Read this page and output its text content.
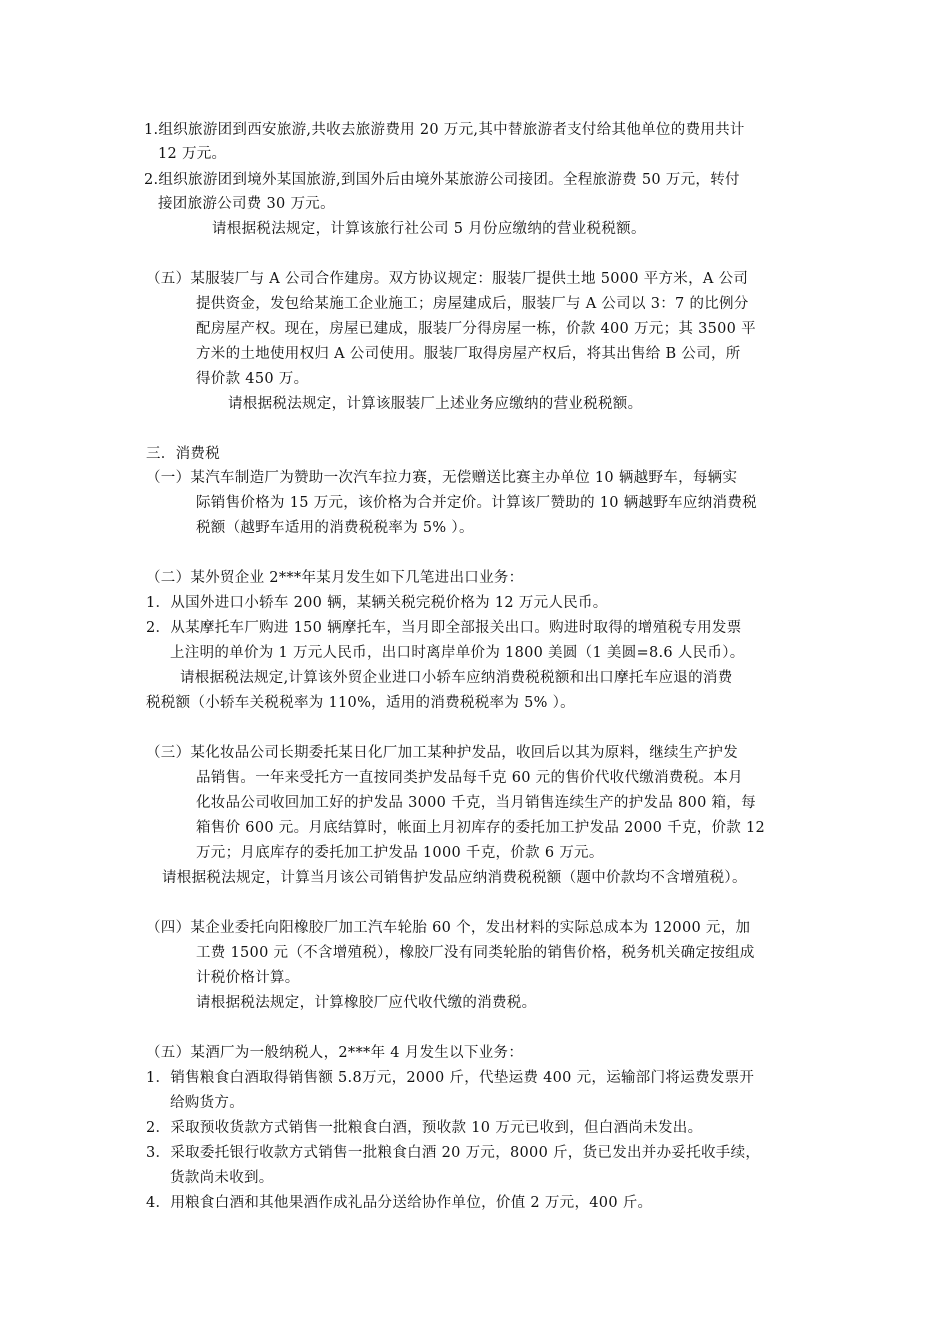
1.组织旅游团到西安旅游,共收去旅游费用 20 万元,其中替旅游者支付给其他单位的费用共计
12 万元。
2.组织旅游团到境外某国旅游,到国外后由境外某旅游公司接团。全程旅游费 50 万元，转付
接团旅游公司费 30 万元。
请根据税法规定，计算该旅行社公司 5 月份应缴纳的营业税税额。
（五）某服装厂与 A 公司合作建房。双方协议规定：服装厂提供土地 5000 平方米，A 公司
提供资金，发包给某施工企业施工；房屋建成后，服装厂与 A 公司以 3：7 的比例分
配房屋产权。现在，房屋已建成，服装厂分得房屋一栋，价款 400 万元；其 3500 平
方米的土地使用权归 A 公司使用。服装厂取得房屋产权后，将其出售给 B 公司，所
得价款 450 万。
请根据税法规定，计算该服装厂上述业务应缴纳的营业税税额。
三．消费税
（一）某汽车制造厂为赞助一次汽车拉力赛，无偿赠送比赛主办单位 10 辆越野车，每辆实
际销售价格为 15 万元，该价格为合并定价。计算该厂赞助的 10 辆越野车应纳消费税
税额（越野车适用的消费税税率为 5% ）。
（二）某外贸企业 2***年某月发生如下几笔进出口业务：
1．从国外进口小轿车 200 辆，某辆关税完税价格为 12 万元人民币。
2．从某摩托车厂购进 150 辆摩托车，当月即全部报关出口。购进时取得的增殖税专用发票
上注明的单价为 1 万元人民币，出口时离岸单价为 1800 美圆（1 美圆=8.6 人民币）。
请根据税法规定,计算该外贸企业进口小轿车应纳消费税税额和出口摩托车应退的消费
税税额（小轿车关税税率为 110%，适用的消费税税率为 5% ）。
（三）某化妆品公司长期委托某日化厂加工某种护发品，收回后以其为原料，继续生产护发
品销售。一年来受托方一直按同类护发品每千克 60 元的售价代收代缴消费税。本月
化妆品公司收回加工好的护发品 3000 千克，当月销售连续生产的护发品 800 箱，每
箱售价 600 元。月底结算时，帐面上月初库存的委托加工护发品 2000 千克，价款 12
万元；月底库存的委托加工护发品 1000 千克，价款 6 万元。
请根据税法规定，计算当月该公司销售护发品应纳消费税税额（题中价款均不含增殖税）。
（四）某企业委托向阳橡胶厂加工汽车轮胎 60 个，发出材料的实际总成本为 12000 元，加
工费 1500 元（不含增殖税），橡胶厂没有同类轮胎的销售价格，税务机关确定按组成
计税价格计算。
请根据税法规定，计算橡胶厂应代收代缴的消费税。
（五）某酒厂为一般纳税人，2***年 4 月发生以下业务：
1．销售粮食白酒取得销售额 5.8万元，2000 斤，代垫运费 400 元，运输部门将运费发票开
给购货方。
2．采取预收货款方式销售一批粮食白酒，预收款 10 万元已收到，但白酒尚未发出。
3．采取委托银行收款方式销售一批粮食白酒 20 万元，8000 斤，货已发出并办妥托收手续，
货款尚未收到。
4．用粮食白酒和其他果酒作成礼品分送给协作单位，价值 2 万元，400 斤。
